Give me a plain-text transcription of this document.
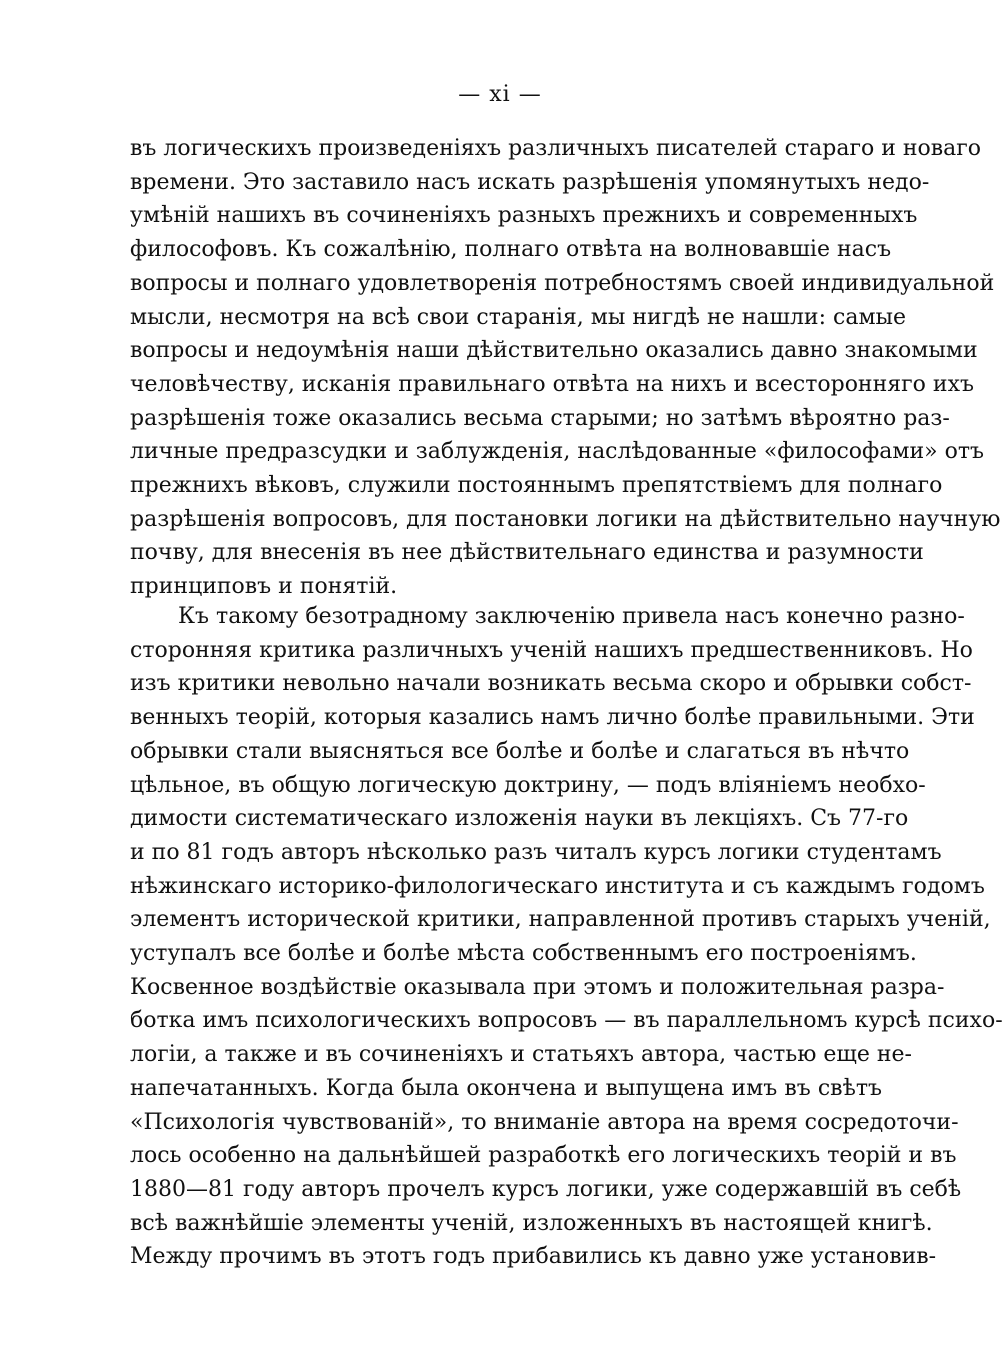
— xi —
въ логическихъ произведеніяхъ различныхъ писателей стараго и новаго
времени. Это заставило насъ искать разрѣшенія упомянутыхъ недо-
умѣній нашихъ въ сочиненіяхъ разныхъ прежнихъ и современныхъ
философовъ. Къ сожалѣнію, полнаго отвѣта на волновавшіе насъ
вопросы и полнаго удовлетворенія потребностямъ своей индивидуальной
мысли, несмотря на всѣ свои старанія, мы нигдѣ не нашли: самые
вопросы и недоумѣнія наши дѣйствительно оказались давно знакомыми
человѣчеству, исканія правильнаго отвѣта на нихъ и всесторонняго ихъ
разрѣшенія тоже оказались весьма старыми; но затѣмъ вѣроятно раз-
личные предразсудки и заблужденія, наслѣдованные «философами» отъ
прежнихъ вѣковъ, служили постояннымъ препятствіемъ для полнаго
разрѣшенія вопросовъ, для постановки логики на дѣйствительно научную
почву, для внесенія въ нее дѣйствительнаго единства и разумности
принциповъ и понятій.
Къ такому безотрадному заключенію привела насъ конечно разно-
сторонняя критика различныхъ ученій нашихъ предшественниковъ. Но
изъ критики невольно начали возникать весьма скоро и обрывки собст-
венныхъ теорій, которыя казались намъ лично болѣе правильными. Эти
обрывки стали выясняться все болѣе и болѣе и слагаться въ нѣчто
цѣльное, въ общую логическую доктрину, — подъ вліяніемъ необхо-
димости систематическаго изложенія науки въ лекціяхъ. Съ 77-го
и по 81 годъ авторъ нѣсколько разъ читалъ курсъ логики студентамъ
нѣжинскаго историко-филологическаго института и съ каждымъ годомъ
элементъ исторической критики, направленной противъ старыхъ ученій,
уступалъ все болѣе и болѣе мѣста собственнымъ его построеніямъ.
Косвенное воздѣйствіе оказывала при этомъ и положительная разра-
ботка имъ психологическихъ вопросовъ — въ параллельномъ курсѣ психо-
логіи, а также и въ сочиненіяхъ и статьяхъ автора, частью еще не-
напечатанныхъ. Когда была окончена и выпущена имъ въ свѣтъ
«Психологія чувствованій», то вниманіе автора на время сосредоточи-
лось особенно на дальнѣйшей разработкѣ его логическихъ теорій и въ
1880—81 году авторъ прочелъ курсъ логики, уже содержавшій въ себѣ
всѣ важнѣйшіе элементы ученій, изложенныхъ въ настоящей книгѣ.
Между прочимъ въ этотъ годъ прибавились къ давно уже установив-
